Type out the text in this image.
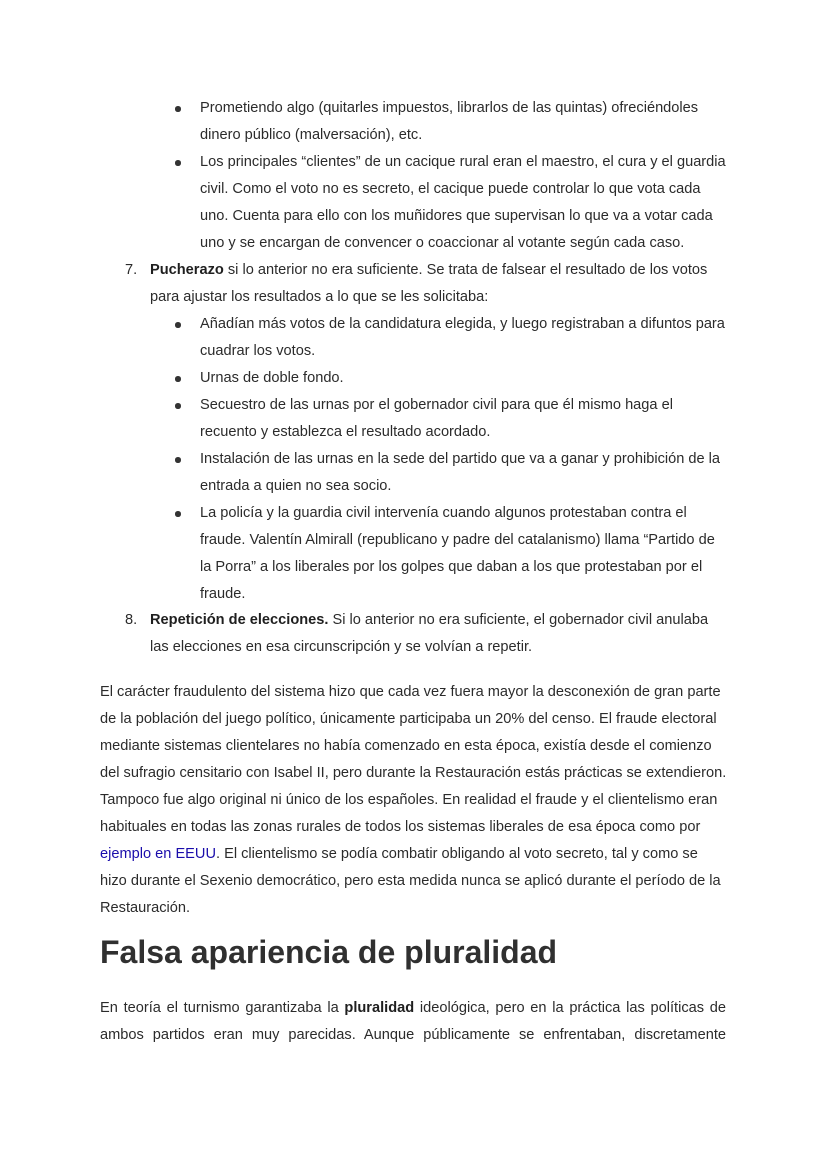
Prometiendo algo (quitarles impuestos, librarlos de las quintas) ofreciéndoles
dinero público (malversación), etc.
Los principales “clientes” de un cacique rural eran el maestro, el cura y el guardia
civil. Como el voto no es secreto, el cacique puede controlar lo que vota cada
uno. Cuenta para ello con los muñidores que supervisan lo que va a votar cada
uno y se encargan de convencer o coaccionar al votante según cada caso.
7. Pucherazo si lo anterior no era suficiente. Se trata de falsear el resultado de los votos
para ajustar los resultados a lo que se les solicitaba:
Añadían más votos de la candidatura elegida, y luego registraban a difuntos para
cuadrar los votos.
Urnas de doble fondo.
Secuestro de las urnas por el gobernador civil para que él mismo haga el
recuento y establezca el resultado acordado.
Instalación de las urnas en la sede del partido que va a ganar y prohibición de la
entrada a quien no sea socio.
La policía y la guardia civil intervenía cuando algunos protestaban contra el
fraude. Valentín Almirall (republicano y padre del catalanismo) llama “Partido de
la Porra” a los liberales por los golpes que daban a los que protestaban por el
fraude.
8. Repetición de elecciones. Si lo anterior no era suficiente, el gobernador civil anulaba
las elecciones en esa circunscripción y se volvían a repetir.
El carácter fraudulento del sistema hizo que cada vez fuera mayor la desconexión de gran parte
de la población del juego político, únicamente participaba un 20% del censo. El fraude electoral
mediante sistemas clientelares no había comenzado en esta época, existía desde el comienzo
del sufragio censitario con Isabel II, pero durante la Restauración estás prácticas se extendieron.
Tampoco fue algo original ni único de los españoles. En realidad el fraude y el clientelismo eran
habituales en todas las zonas rurales de todos los sistemas liberales de esa época como por
ejemplo en EEUU. El clientelismo se podía combatir obligando al voto secreto, tal y como se
hizo durante el Sexenio democrático, pero esta medida nunca se aplicó durante el período de la
Restauración.
Falsa apariencia de pluralidad
En teoría el turnismo garantizaba la pluralidad ideológica, pero en la práctica las políticas de
ambos partidos eran muy parecidas. Aunque públicamente se enfrentaban, discretamente
